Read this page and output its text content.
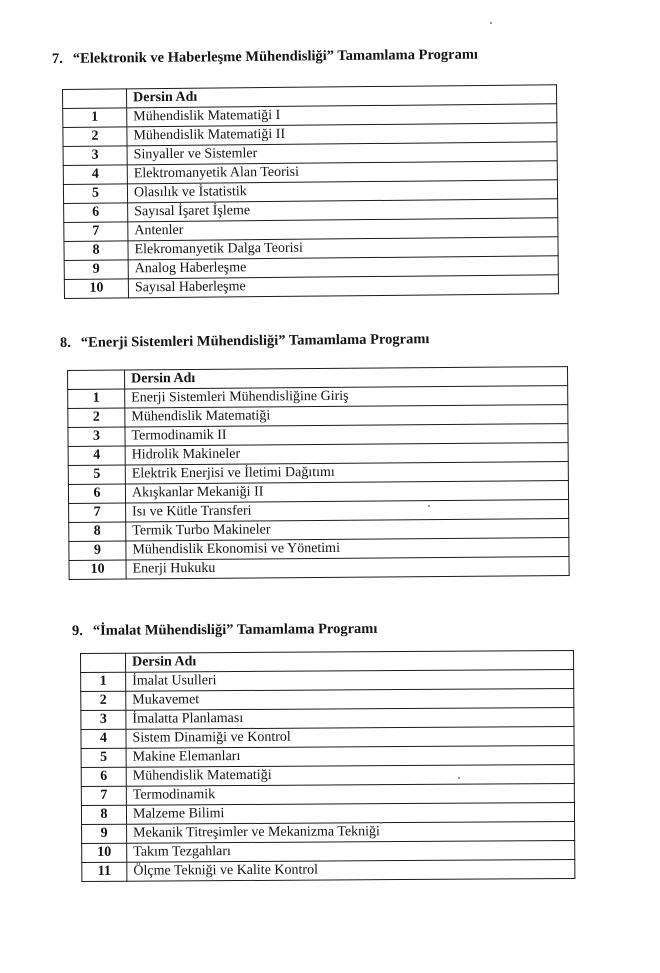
7. “Elektronik ve Haberleşme Mühendisliği” Tamamlama Programı
	Dersin Adı
1	Mühendislik Matematiği I
2	Mühendislik Matematiği II
3	Sinyaller ve Sistemler
4	Elektromanyetik Alan Teorisi
5	Olasılık ve İstatistik
6	Sayısal İşaret İşleme
7	Antenler
8	Elekromanyetik Dalga Teorisi
9	Analog Haberleşme
10	Sayısal Haberleşme
8. “Enerji Sistemleri Mühendisliği” Tamamlama Programı
	Dersin Adı
1	Enerji Sistemleri Mühendisliğine Giriş
2	Mühendislik Matematiği
3	Termodinamik II
4	Hidrolik Makineler
5	Elektrik Enerjisi ve İletimi Dağıtımı
6	Akışkanlar Mekaniği II
7	Isı ve Kütle Transferi
8	Termik Turbo Makineler
9	Mühendislik Ekonomisi ve Yönetimi
10	Enerji Hukuku
9. “İmalat Mühendisliği” Tamamlama Programı
	Dersin Adı
1	İmalat Usulleri
2	Mukavemet
3	İmalatta Planlaması
4	Sistem Dinamiği ve Kontrol
5	Makine Elemanları
6	Mühendislik Matematiği
7	Termodinamik
8	Malzeme Bilimi
9	Mekanik Titreşimler ve Mekanizma Tekniği
10	Takım Tezgahları
11	Ölçme Tekniği ve Kalite Kontrol
